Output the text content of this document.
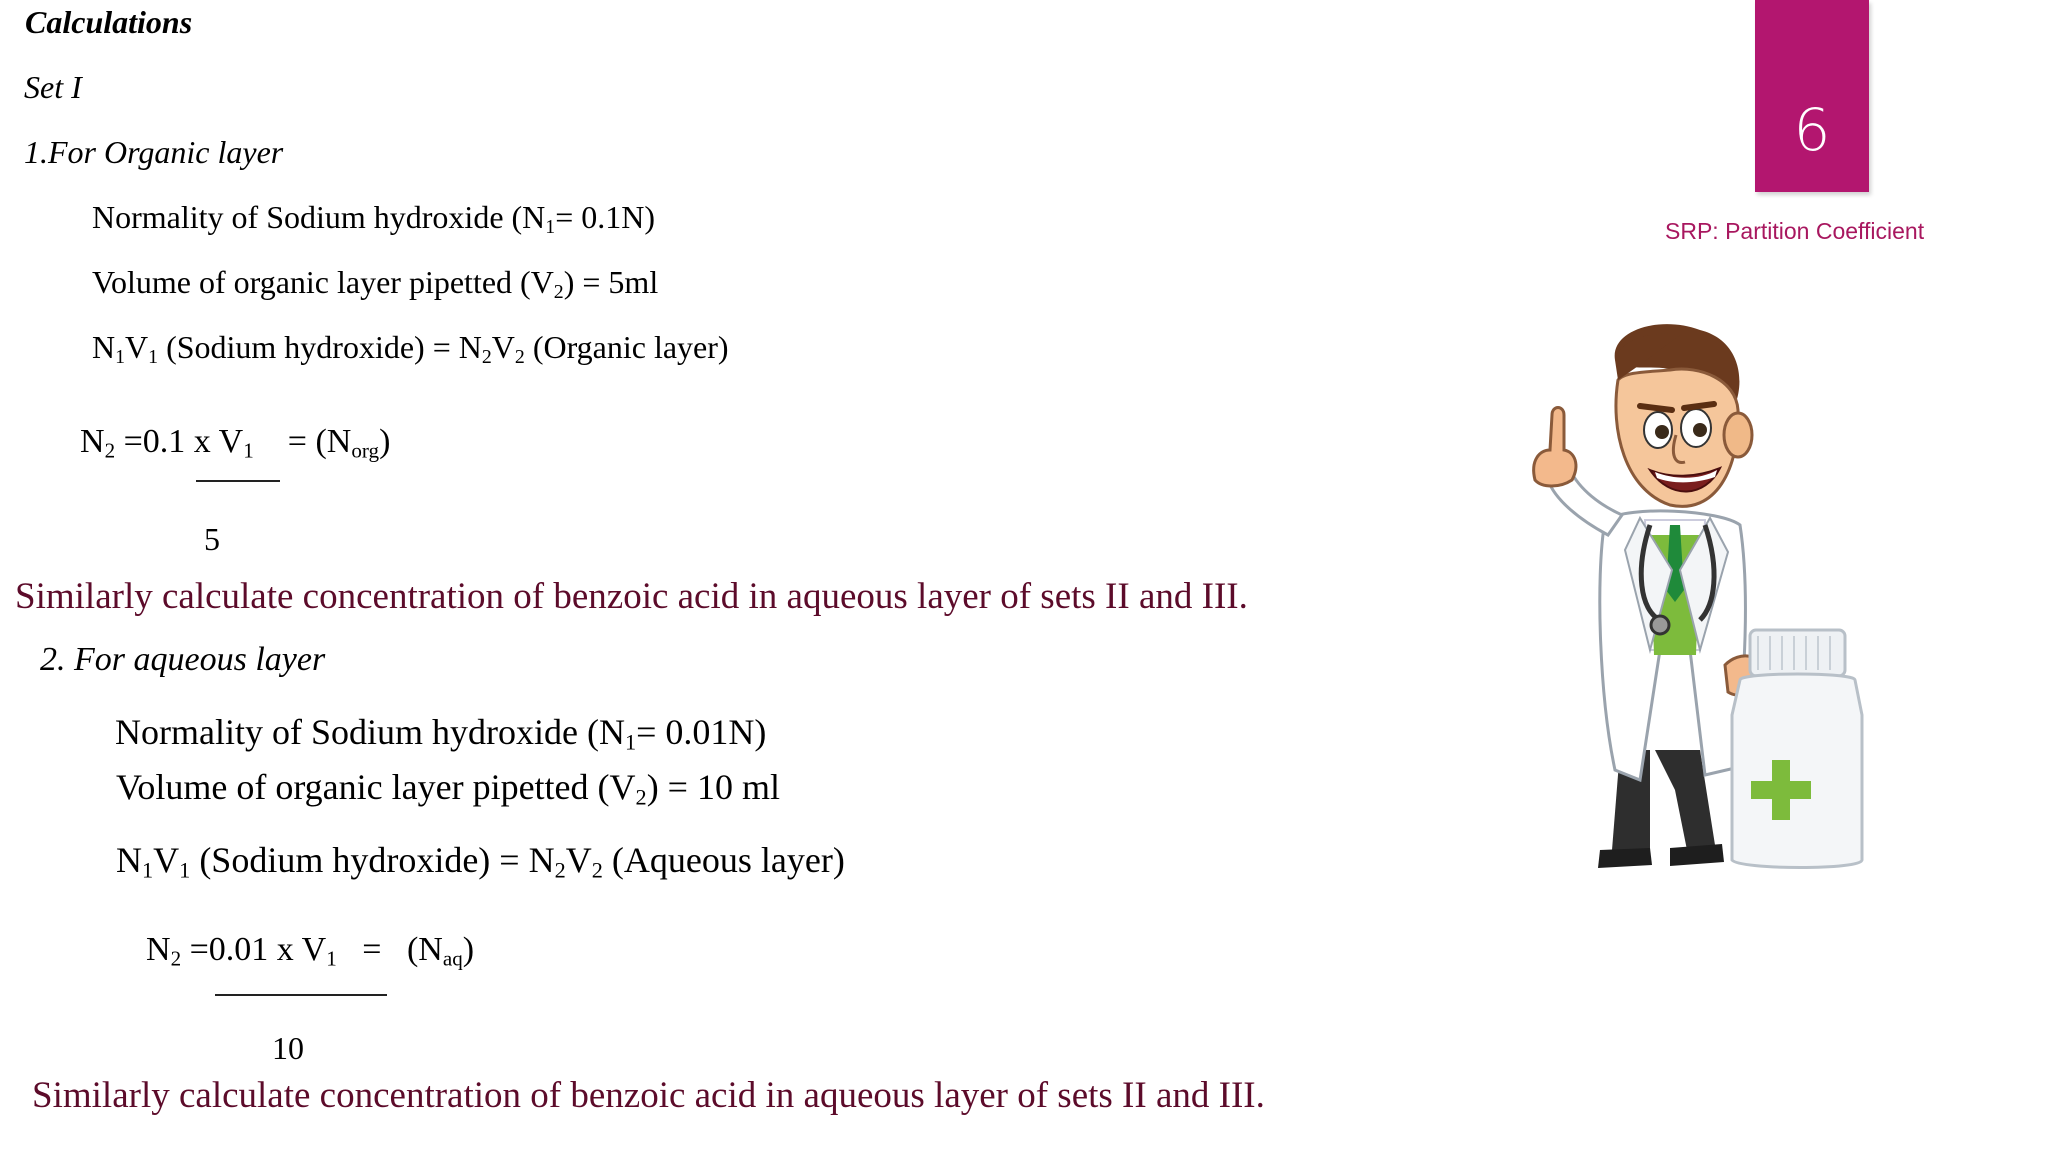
6
SRP: Partition Coefficient
Calculations
Set I
1.For Organic layer
Normality of Sodium hydroxide $(N_1= 0.1N)$
Volume of organic layer pipetted $(V_2) = 5ml$
$N_1V_1$ (Sodium hydroxide) = $N_2V_2$ (Organic layer)
$N_2 =0.1$ x $V_1 = (N_{org})$
5
Similarly calculate concentration of benzoic acid in aqueous layer of sets II and III.
2. For aqueous layer
Normality of Sodium hydroxide $(N_1= 0.01N)$
Volume of organic layer pipetted $(V_2) = 10$ ml
$N_1V_1$ (Sodium hydroxide) = $N_2V_2$ (Aqueous layer)
$N_2 =0.01$ x $V_1 = (N_{aq})$
10
Similarly calculate concentration of benzoic acid in aqueous layer of sets II and III.
